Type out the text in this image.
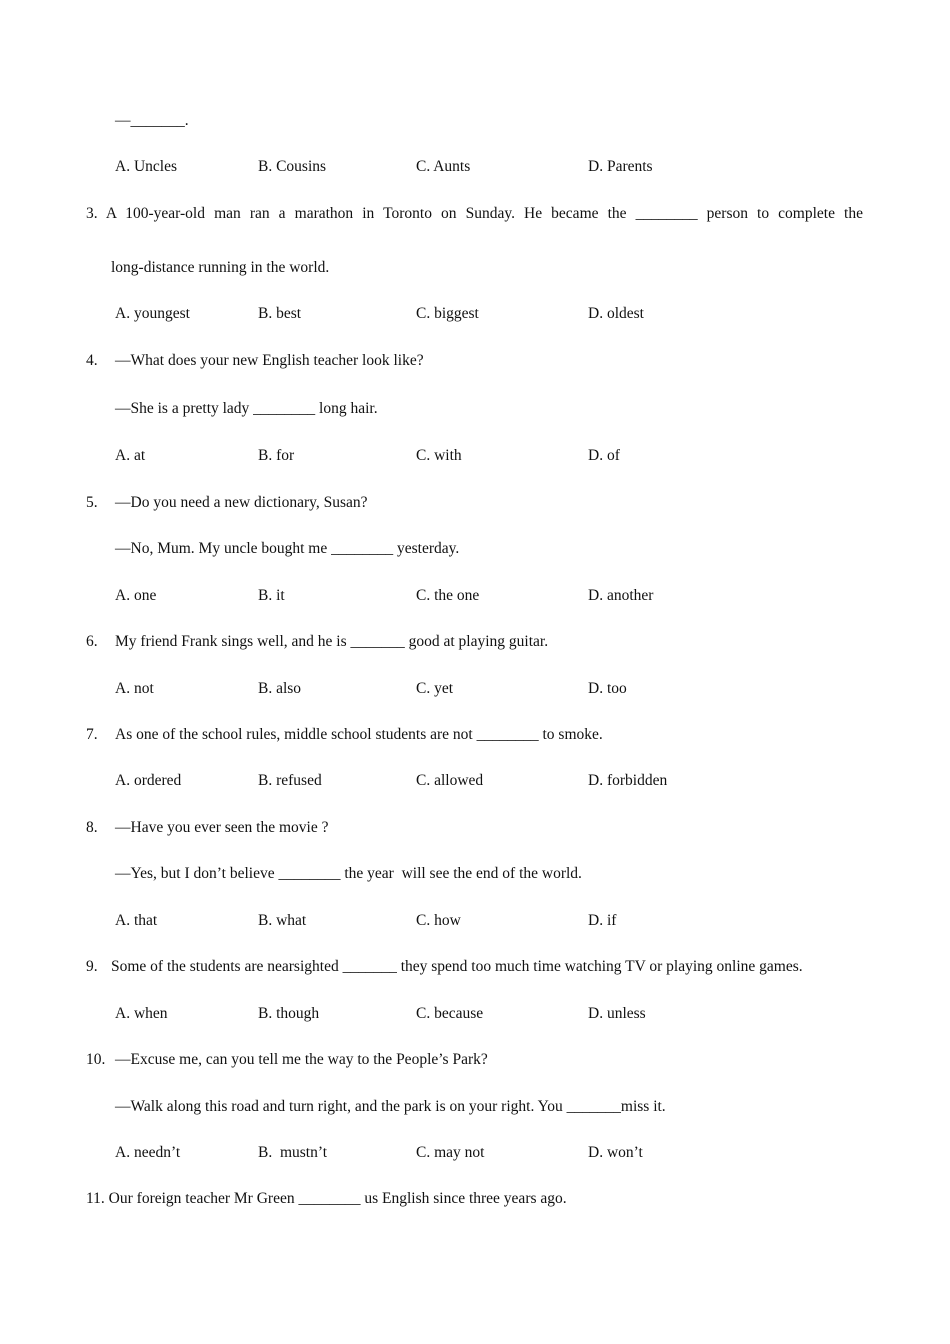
—_______.
A. Uncles	B. Cousins	C. Aunts	D. Parents
3. A 100-year-old man ran a marathon in Toronto on Sunday. He became the ________ person to complete the
long-distance running in the world.
A. youngest	B. best	C. biggest	D. oldest
4. —What does your new English teacher look like?
—She is a pretty lady ________ long hair.
A. at	B. for	C. with	D. of
5. —Do you need a new dictionary, Susan?
—No, Mum. My uncle bought me ________ yesterday.
A. one	B. it	C. the one	D. another
6. My friend Frank sings well, and he is _______ good at playing guitar.
A. not	B. also	C. yet	D. too
7. As one of the school rules, middle school students are not ________ to smoke.
A. ordered	B. refused	C. allowed	D. forbidden
8. —Have you ever seen the movie ?
—Yes, but I don’t believe ________ the year  will see the end of the world.
A. that	B. what	C. how	D. if
9. Some of the students are nearsighted _______ they spend too much time watching TV or playing online games.
A. when	B. though	C. because	D. unless
10. —Excuse me, can you tell me the way to the People’s Park?
—Walk along this road and turn right, and the park is on your right. You _______miss it.
A. needn’t	B.  mustn’t	C. may not	D. won’t
11. Our foreign teacher Mr Green ________ us English since three years ago.
